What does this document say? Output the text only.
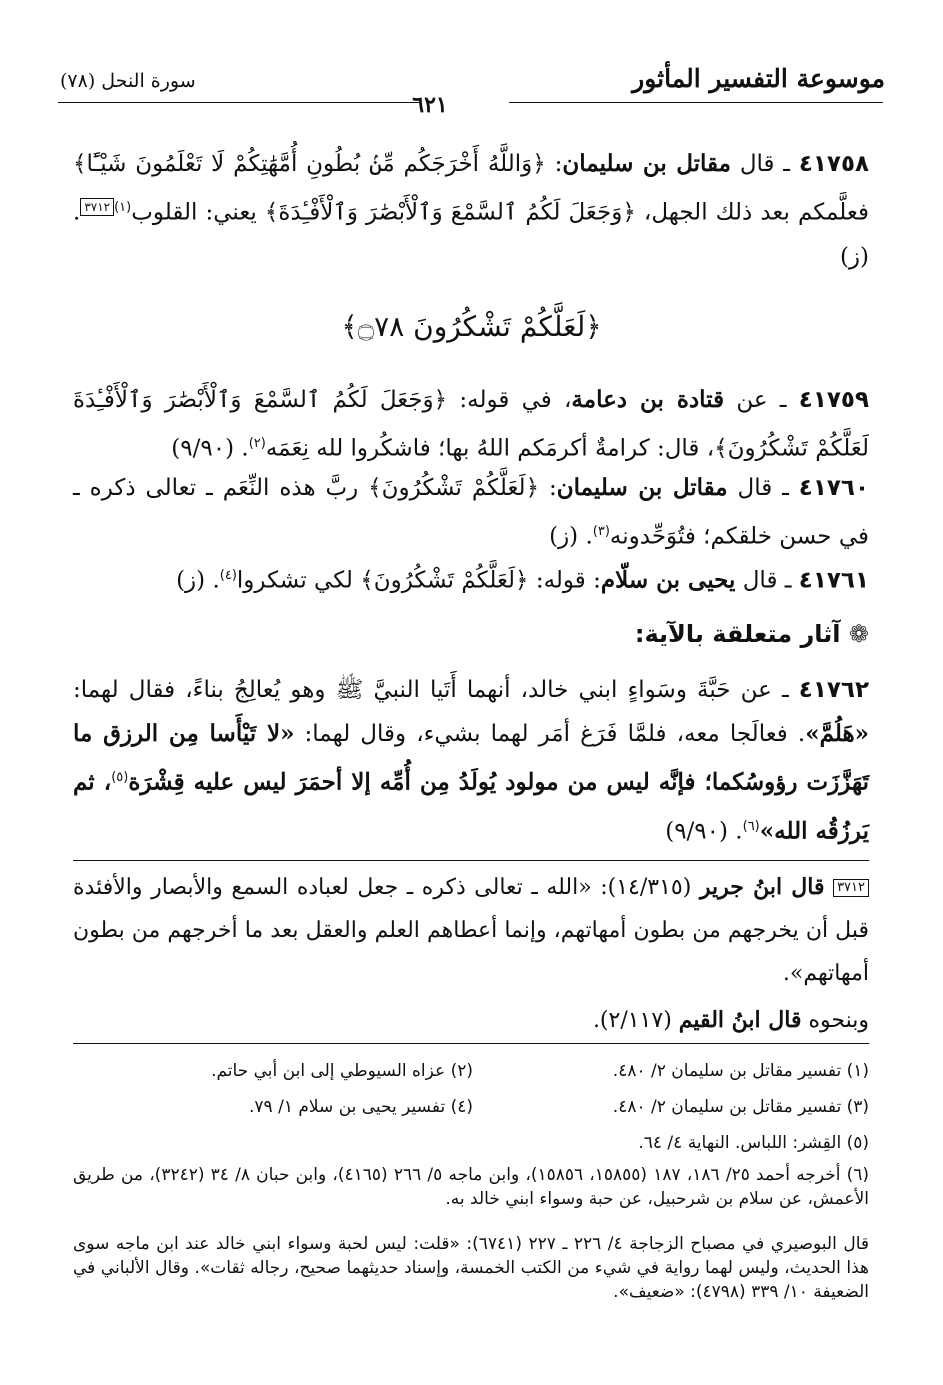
موسوعة التفسير المأثور
سورة النحل (٧٨)
٦٢١
٤١٧٥٨ ـ قال مقاتل بن سليمان: ﴿وَاللَّهُ أَخْرَجَكُم مِّنۢ بُطُونِ أُمَّهَٰتِكُمْ لَا تَعْلَمُونَ شَيْـًٔا﴾ فعلَّمكم بعد ذلك الجهل، ﴿وَجَعَلَ لَكُمُ ٱلسَّمْعَ وَٱلْأَبْصَٰرَ وَٱلْأَفْـِٔدَةَ﴾ يعني: القلوب$^{(١)}$٣٧١٢. (ز)
﴿لَعَلَّكُمْ تَشْكُرُونَ ۝٧٨﴾
٤١٧٥٩ ـ عن قتادة بن دعامة، في قوله: ﴿وَجَعَلَ لَكُمُ ٱلسَّمْعَ وَٱلْأَبْصَٰرَ وَٱلْأَفْـِٔدَةَ لَعَلَّكُمْ تَشْكُرُونَ﴾، قال: كرامةٌ أكرمَكم اللهُ بها؛ فاشكُروا لله نِعَمَه$^{(٢)}$. (٩/٩٠)
٤١٧٦٠ ـ قال مقاتل بن سليمان: ﴿لَعَلَّكُمْ تَشْكُرُونَ﴾ ربَّ هذه النِّعَم ـ تعالى ذكره ـ في حسن خلقكم؛ فتُوَحِّدونه$^{(٣)}$. (ز)
٤١٧٦١ ـ قال يحيى بن سلّام: قوله: ﴿لَعَلَّكُمْ تَشْكُرُونَ﴾ لكي تشكروا$^{(٤)}$. (ز)
❁ آثار متعلقة بالآية:
٤١٧٦٢ ـ عن حَبَّةَ وسَواءٍ ابني خالد، أنهما أَتَيا النبيَّ ﷺ وهو يُعالِجُ بناءً، فقال لهما: «هَلُمَّ». فعالَجا معه، فلمَّا فَرَغ أمَر لهما بشيء، وقال لهما: «لا تَيْأَسا مِن الرزق ما تَهَزَّزَت رؤوسُكما؛ فإنَّه ليس من مولود يُولَدُ مِن أُمِّه إلا أحمَرَ ليس عليه قِشْرَة$^{(٥)}$، ثم يَرزُقُه الله»$^{(٦)}$. (٩/٩٠)
٣٧١٢ قال ابنُ جرير (١٤/٣١٥): «الله ـ تعالى ذكره ـ جعل لعباده السمع والأبصار والأفئدة قبل أن يخرجهم من بطون أمهاتهم، وإنما أعطاهم العلم والعقل بعد ما أخرجهم من بطون أمهاتهم».
وبنحوه قال ابنُ القيم (٢/١١٧).
(١) تفسير مقاتل بن سليمان ٢/ ٤٨٠.
(٢) عزاه السيوطي إلى ابن أبي حاتم.
(٣) تفسير مقاتل بن سليمان ٢/ ٤٨٠.
(٤) تفسير يحيى بن سلام ١/ ٧٩.
(٥) القِشر: اللباس. النهاية ٤/ ٦٤.
(٦) أخرجه أحمد ٢٥/ ١٨٦، ١٨٧ (١٥٨٥٥، ١٥٨٥٦)، وابن ماجه ٥/ ٢٦٦ (٤١٦٥)، وابن حبان ٨/ ٣٤ (٣٢٤٢)، من طريق الأعمش، عن سلام بن شرحبيل، عن حبة وسواء ابني خالد به.
قال البوصيري في مصباح الزجاجة ٤/ ٢٢٦ ـ ٢٢٧ (٦٧٤١): «قلت: ليس لحبة وسواء ابني خالد عند ابن ماجه سوى هذا الحديث، وليس لهما رواية في شيء من الكتب الخمسة، وإسناد حديثهما صحيح، رجاله ثقات». وقال الألباني في الضعيفة ١٠/ ٣٣٩ (٤٧٩٨): «ضعيف».
